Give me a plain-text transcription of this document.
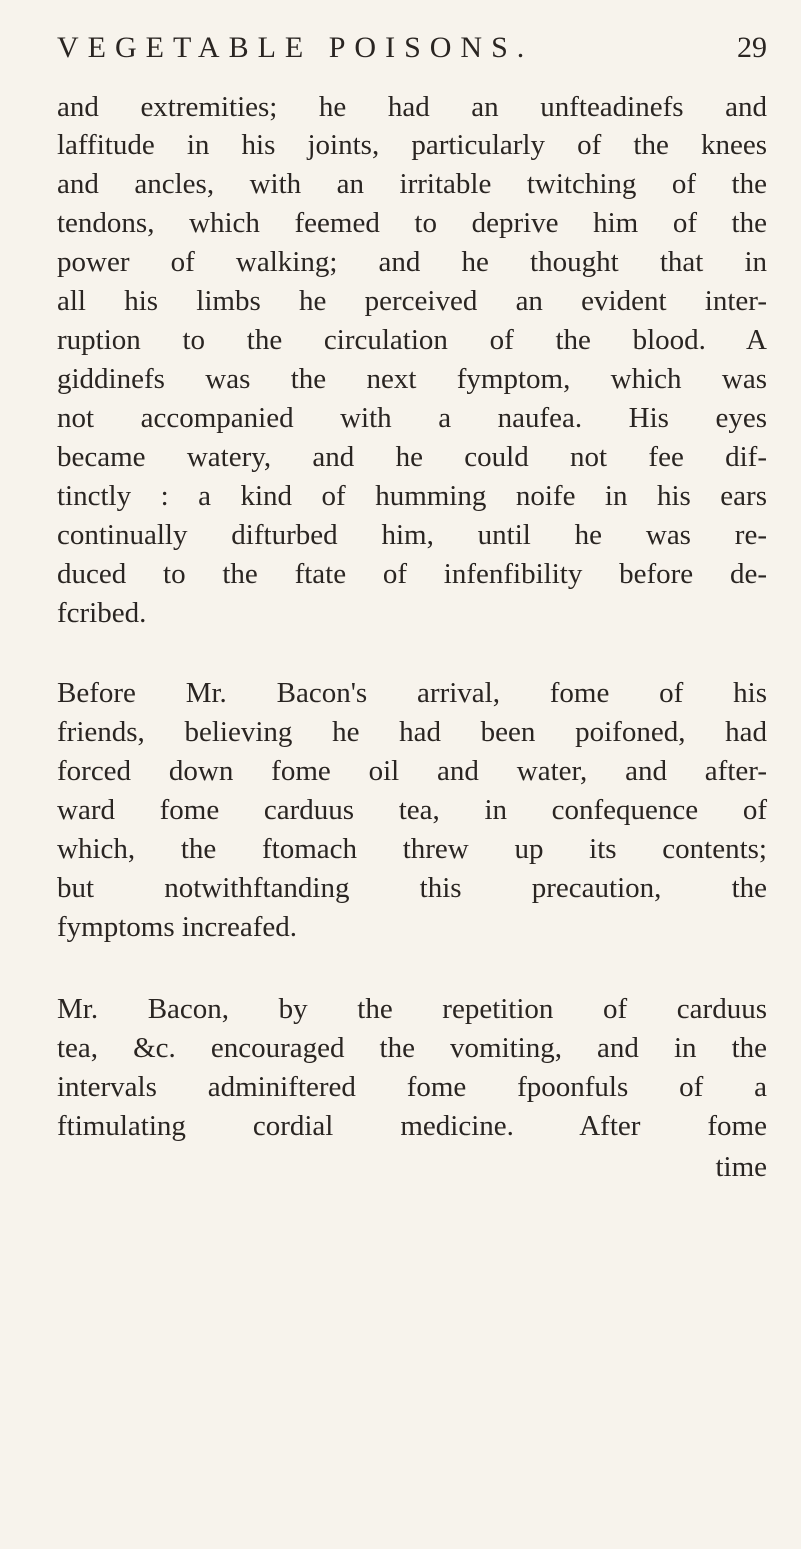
VEGETABLE POISONS.	29
and extremities; he had an unfteadinefs and
laffitude in his joints, particularly of the knees
and ancles, with an irritable twitching of the
tendons, which feemed to deprive him of the
power of walking; and he thought that in
all his limbs he perceived an evident inter-
ruption to the circulation of the blood. A
giddinefs was the next fymptom, which was
not accompanied with a naufea. His eyes
became watery, and he could not fee dif-
tinctly : a kind of humming noife in his ears
continually difturbed him, until he was re-
duced to the ftate of infenfibility before de-
fcribed.
Before Mr. Bacon's arrival, fome of his
friends, believing he had been poifoned, had
forced down fome oil and water, and after-
ward fome carduus tea, in confequence of
which, the ftomach threw up its contents;
but notwithftanding this precaution, the
fymptoms increafed.
Mr. Bacon, by the repetition of carduus
tea, &c. encouraged the vomiting, and in the
intervals adminiftered fome fpoonfuls of a
ftimulating cordial medicine. After fome
time
